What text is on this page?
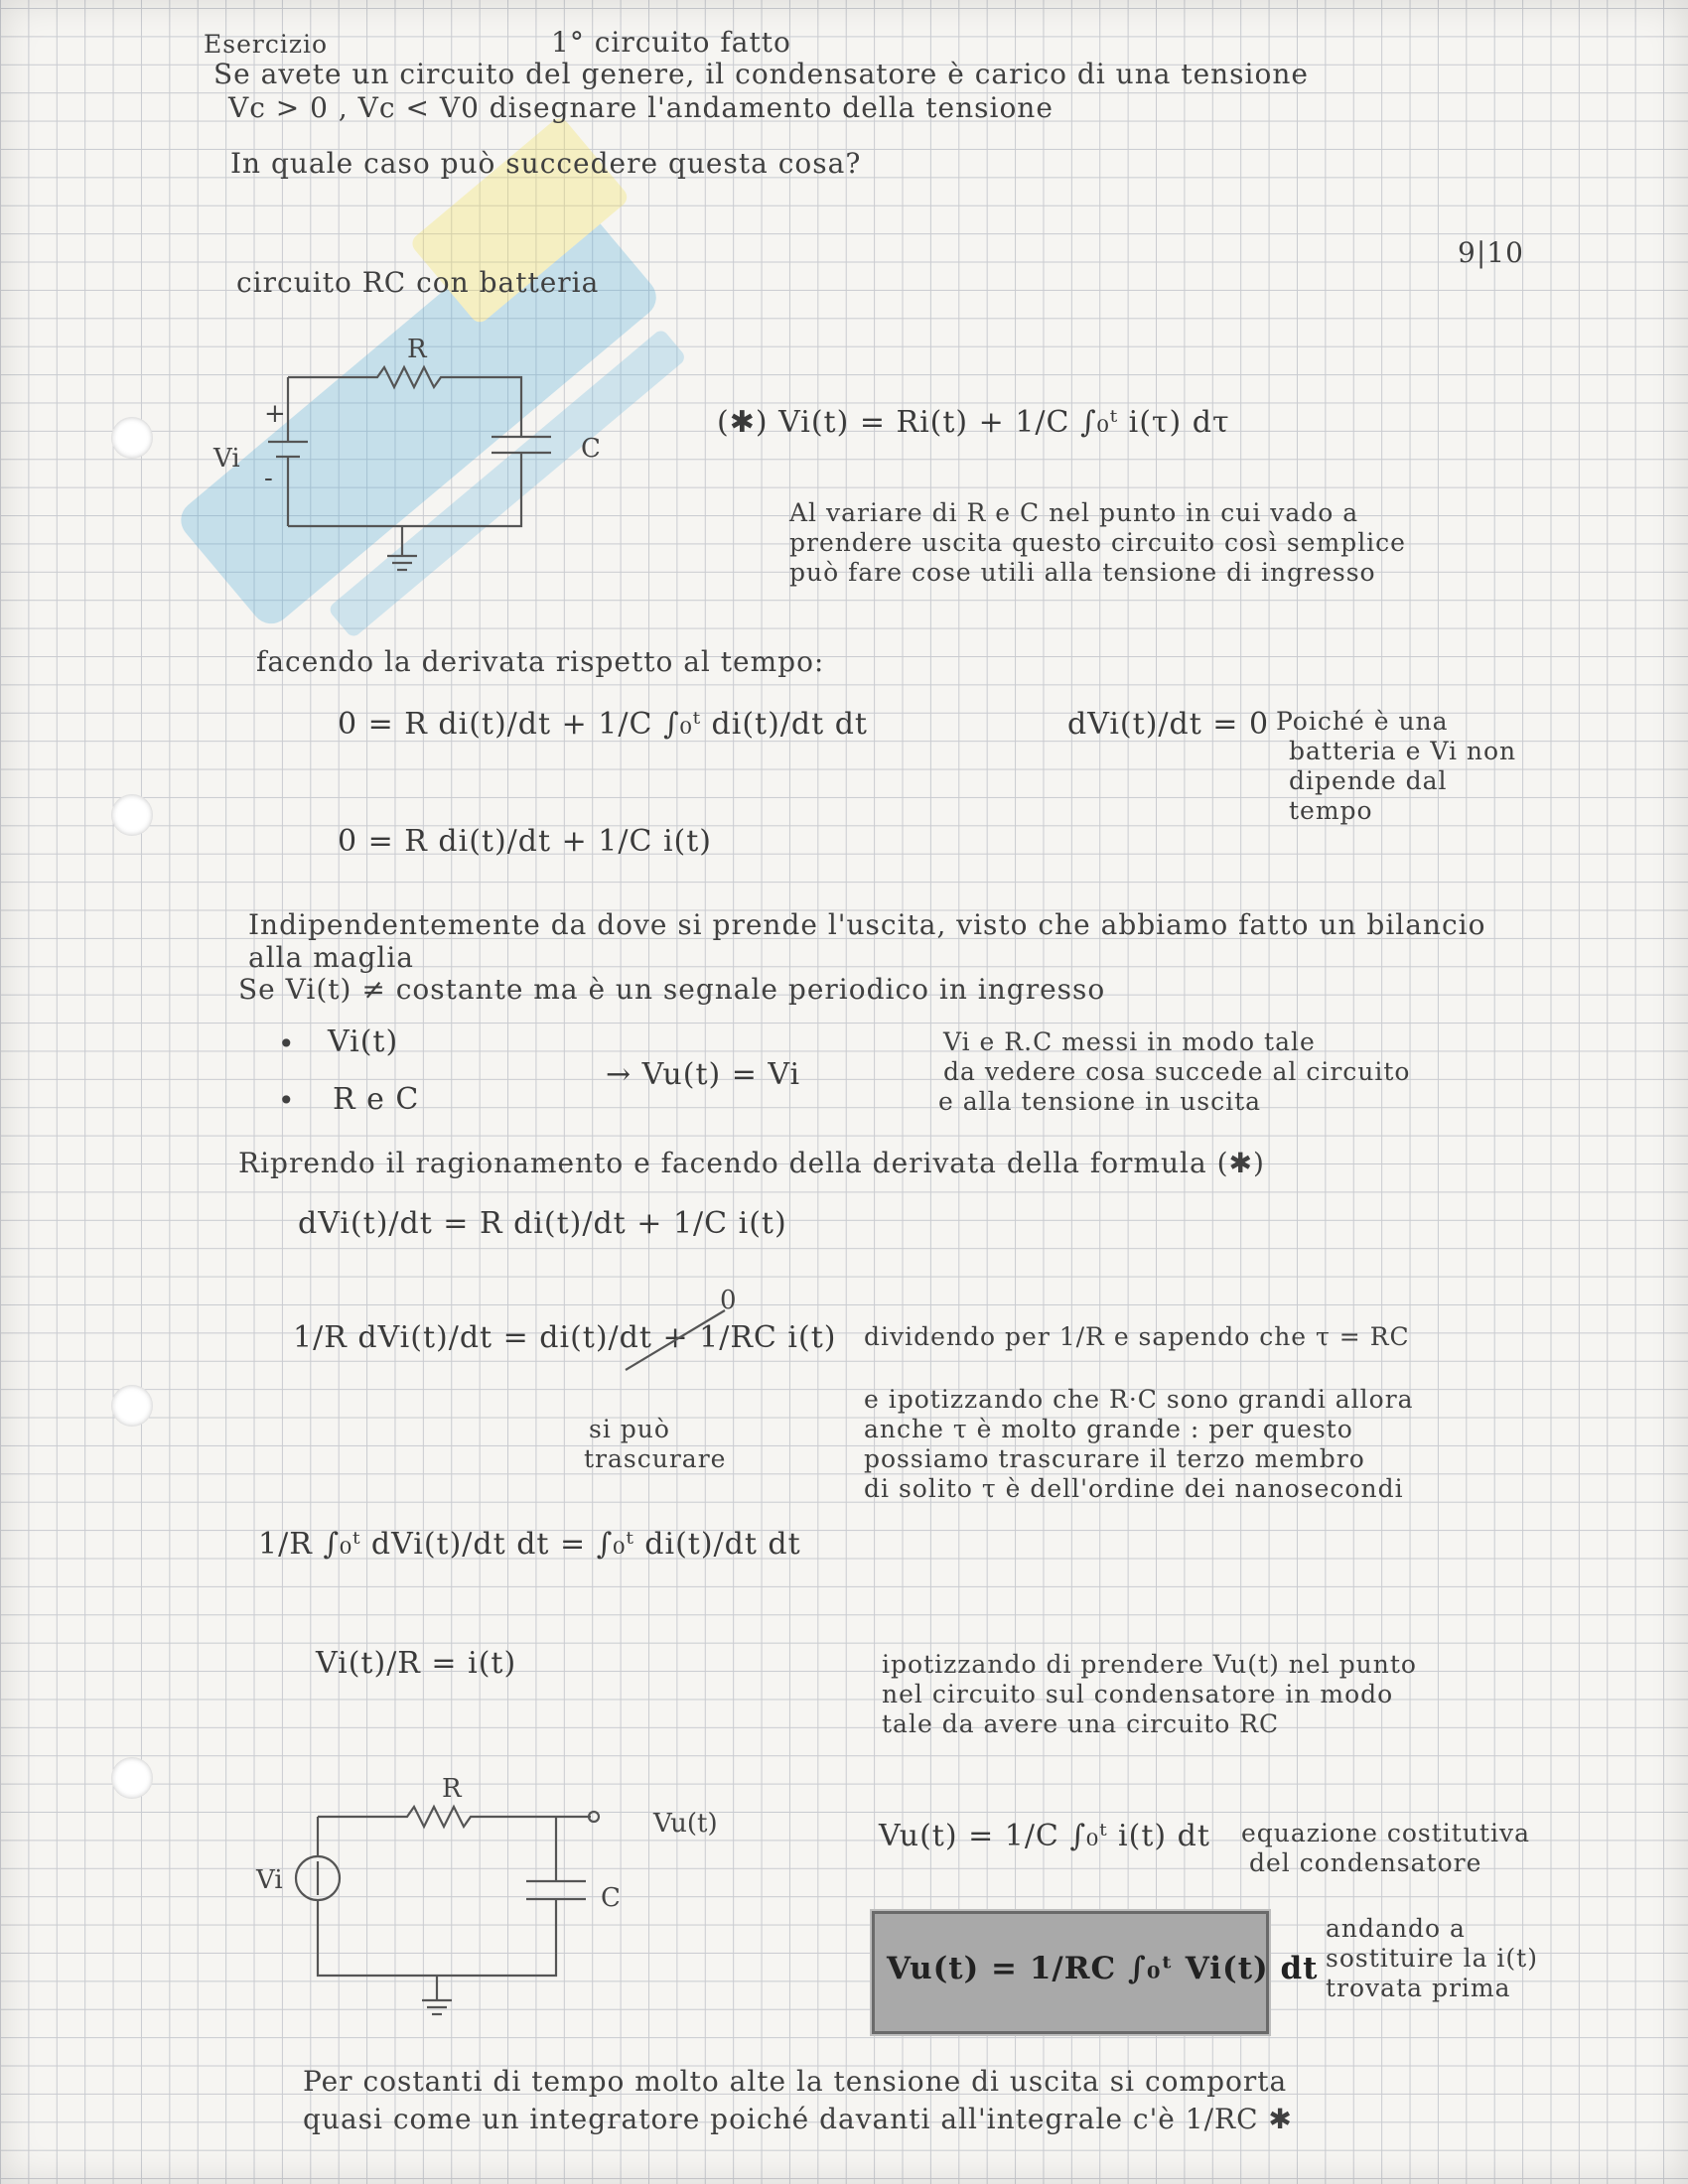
Esercizio	1° circuito fatto
9|10
Se avete un circuito del genere, il condensatore è carico di una tensione
Vc > 0 , Vc < V0 disegnare l'andamento della tensione
In quale caso può succedere questa cosa?
circuito RC con batteria
R
C
Vi
+
-
(✱) Vi(t) = Ri(t) + 1/C ∫₀ᵗ i(τ) dτ
Al variare di R e C nel punto in cui vado a
prendere uscita questo circuito così semplice
può fare cose utili alla tensione di ingresso
facendo la derivata rispetto al tempo:
0 = R di(t)/dt + 1/C ∫₀ᵗ di(t)/dt dt	dVi(t)/dt = 0 Poiché è una
batteria e Vi non
dipende dal
tempo
0 = R di(t)/dt + 1/C i(t)
Indipendentemente da dove si prende l'uscita, visto che abbiamo fatto un bilancio
alla maglia
Se Vi(t) ≠ costante ma è un segnale periodico in ingresso
• Vi(t)
• R e C
→ Vu(t) = Vi
Vi e R.C messi in modo tale
da vedere cosa succede al circuito
e alla tensione in uscita
Riprendo il ragionamento e facendo della derivata della formula (✱)
dVi(t)/dt = R di(t)/dt + 1/C i(t)
1/R dVi(t)/dt = di(t)/dt + 1/RC i(t)
0
si può
trascurare
dividendo per 1/R e sapendo che τ = RC
e ipotizzando che R·C sono grandi allora
anche τ è molto grande : per questo
possiamo trascurare il terzo membro
di solito τ è dell'ordine dei nanosecondi
1/R ∫₀ᵗ dVi(t)/dt dt = ∫₀ᵗ di(t)/dt dt
Vi(t)/R = i(t)	ipotizzando di prendere Vu(t) nel punto
nel circuito sul condensatore in modo
tale da avere una circuito RC
R
C
Vi
Vu(t)	Vu(t) = 1/C ∫₀ᵗ i(t) dt equazione costitutiva
del condensatore
Vu(t) = 1/RC ∫₀ᵗ Vi(t) dt
andando a
sostituire la i(t)
trovata prima
Per costanti di tempo molto alte la tensione di uscita si comporta
quasi come un integratore poiché davanti all'integrale c'è 1/RC ✱
